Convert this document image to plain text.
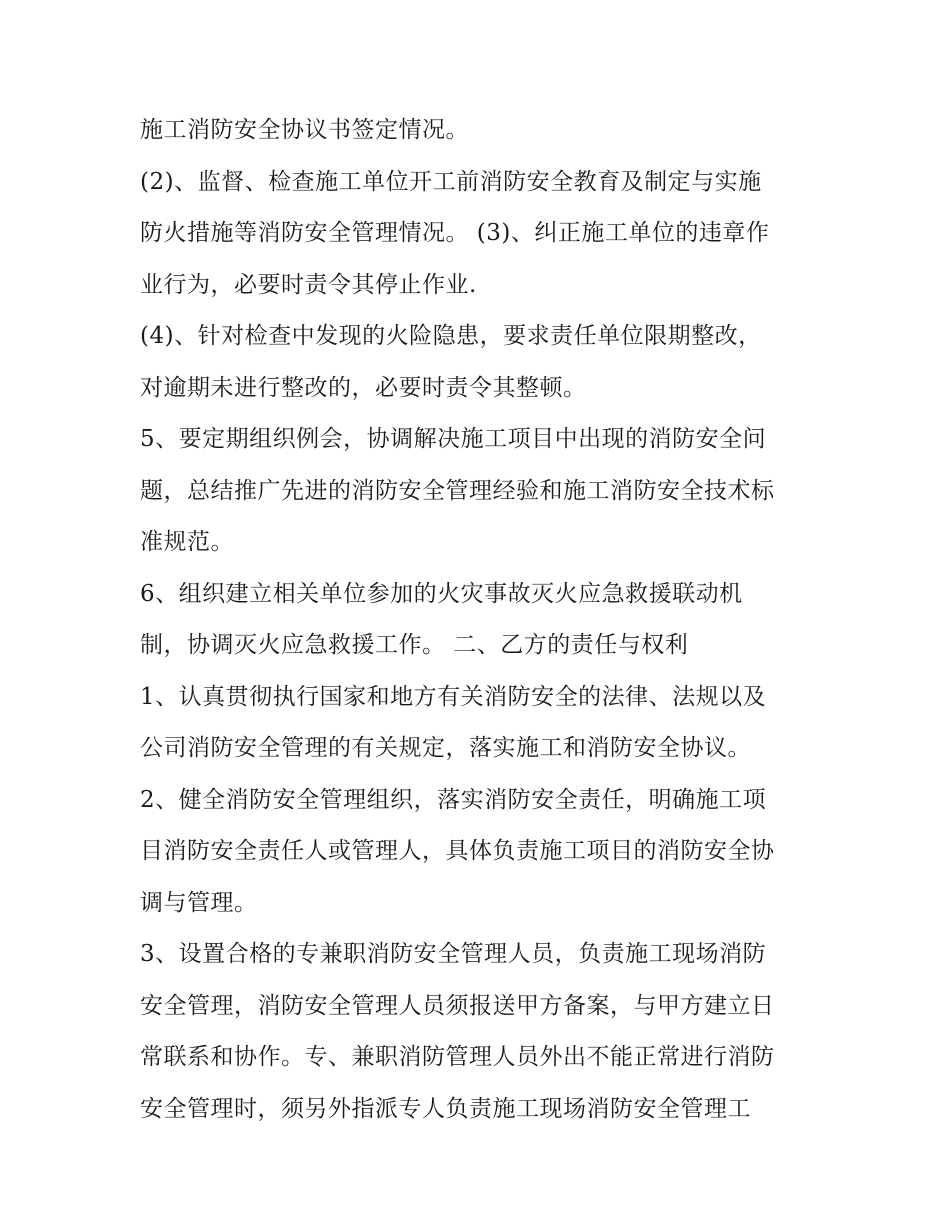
施工消防安全协议书签定情况。
(2)、监督、检查施工单位开工前消防安全教育及制定与实施
防火措施等消防安全管理情况。 (3)、纠正施工单位的违章作
业行为，必要时责令其停止作业.
(4)、针对检查中发现的火险隐患，要求责任单位限期整改，
对逾期未进行整改的，必要时责令其整顿。
5、要定期组织例会，协调解决施工项目中出现的消防安全问
题，总结推广先进的消防安全管理经验和施工消防安全技术标
准规范。
6、组织建立相关单位参加的火灾事故灭火应急救援联动机
制，协调灭火应急救援工作。 二、乙方的责任与权利
1、认真贯彻执行国家和地方有关消防安全的法律、法规以及
公司消防安全管理的有关规定，落实施工和消防安全协议。
2、健全消防安全管理组织，落实消防安全责任，明确施工项
目消防安全责任人或管理人，具体负责施工项目的消防安全协
调与管理。
3、设置合格的专兼职消防安全管理人员，负责施工现场消防
安全管理，消防安全管理人员须报送甲方备案，与甲方建立日
常联系和协作。专、兼职消防管理人员外出不能正常进行消防
安全管理时，须另外指派专人负责施工现场消防安全管理工
